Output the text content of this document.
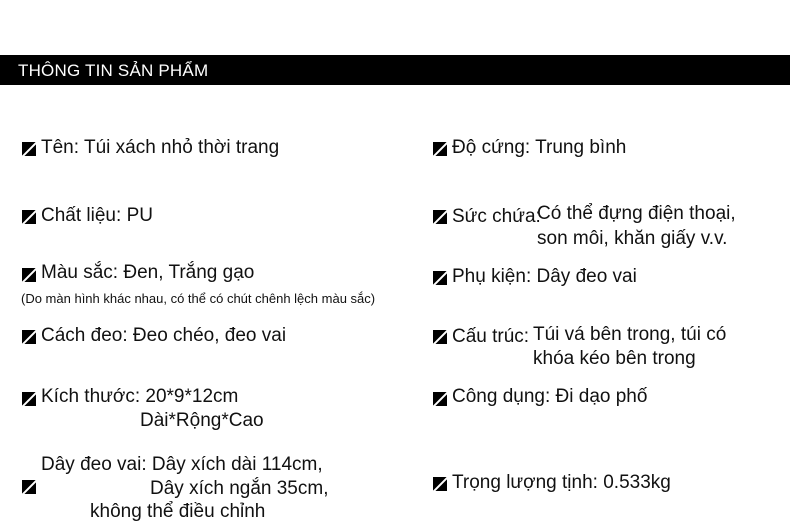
THÔNG TIN SẢN PHẨM
Tên: Túi xách nhỏ thời trang
Chất liệu: PU
Màu sắc: Đen, Trắng gạo
(Do màn hình khác nhau, có thể có chút chênh lệch màu sắc)
Cách đeo: Đeo chéo, đeo vai
Kích thước: 20*9*12cm
Dài*Rộng*Cao
Dây đeo vai: Dây xích dài 114cm,
Dây xích ngắn 35cm,
không thể điều chỉnh
Độ cứng: Trung bình
Sức chứa:
Có thể đựng điện thoại,
son môi, khăn giấy v.v.
Phụ kiện: Dây đeo vai
Cấu trúc: Túi vá bên trong, túi có
khóa kéo bên trong
Công dụng: Đi dạo phố
Trọng lượng tịnh: 0.533kg
